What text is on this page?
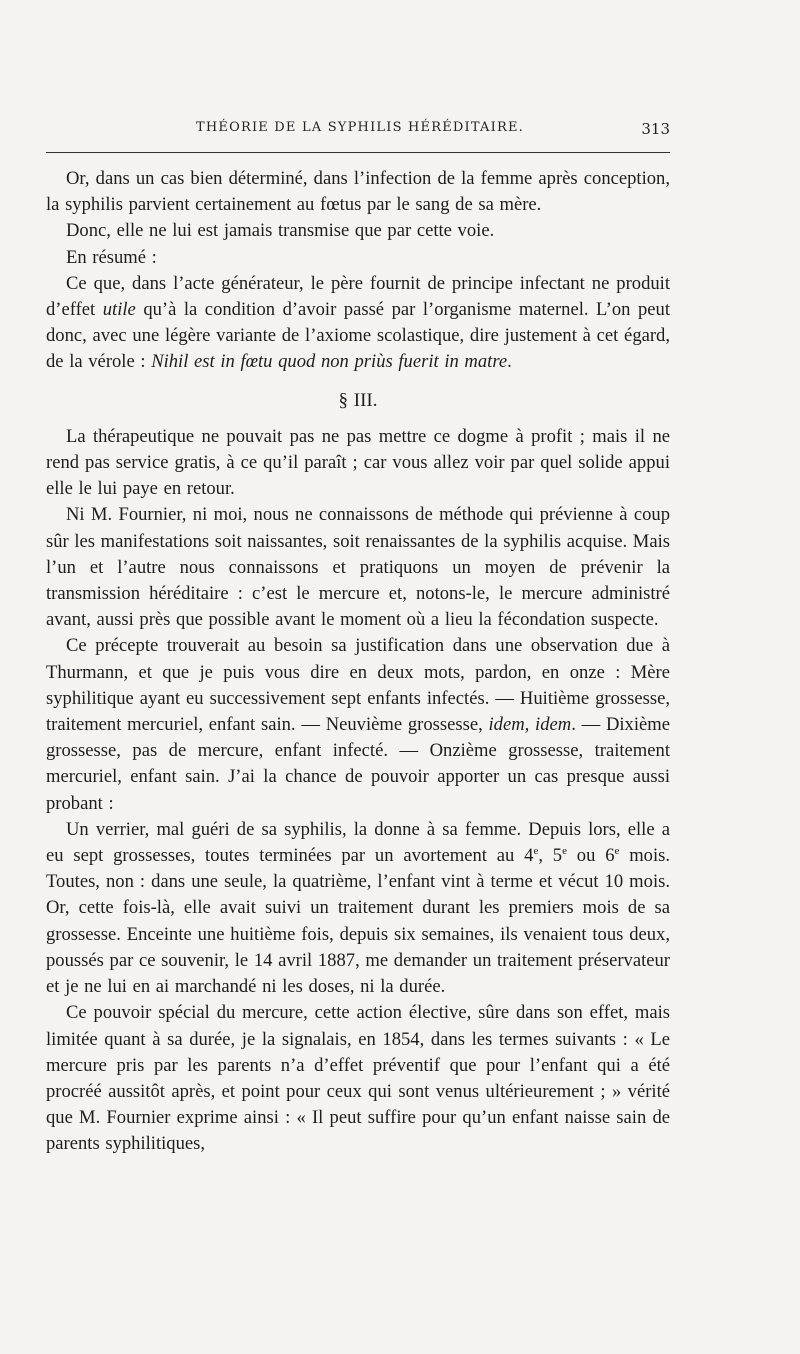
THÉORIE DE LA SYPHILIS HÉRÉDITAIRE.	313

Or, dans un cas bien déterminé, dans l’infection de la femme après conception, la syphilis parvient certainement au fœtus par le sang de sa mère.

Donc, elle ne lui est jamais transmise que par cette voie.

En résumé :

Ce que, dans l’acte générateur, le père fournit de principe infectant ne produit d’effet utile qu’à la condition d’avoir passé par l’organisme maternel. L’on peut donc, avec une légère variante de l’axiome scolastique, dire justement à cet égard, de la vérole : Nihil est in fœtu quod non priùs fuerit in matre.

§ III.

La thérapeutique ne pouvait pas ne pas mettre ce dogme à profit ; mais il ne rend pas service gratis, à ce qu’il paraît ; car vous allez voir par quel solide appui elle le lui paye en retour.

Ni M. Fournier, ni moi, nous ne connaissons de méthode qui prévienne à coup sûr les manifestations soit naissantes, soit renaissantes de la syphilis acquise. Mais l’un et l’autre nous connaissons et pratiquons un moyen de prévenir la transmission héréditaire : c’est le mercure et, notons-le, le mercure administré avant, aussi près que possible avant le moment où a lieu la fécondation suspecte.

Ce précepte trouverait au besoin sa justification dans une observation due à Thurmann, et que je puis vous dire en deux mots, pardon, en onze : Mère syphilitique ayant eu successivement sept enfants infectés. — Huitième grossesse, traitement mercuriel, enfant sain. — Neuvième grossesse, idem, idem. — Dixième grossesse, pas de mercure, enfant infecté. — Onzième grossesse, traitement mercuriel, enfant sain. J’ai la chance de pouvoir apporter un cas presque aussi probant :

Un verrier, mal guéri de sa syphilis, la donne à sa femme. Depuis lors, elle a eu sept grossesses, toutes terminées par un avortement au 4e, 5e ou 6e mois. Toutes, non : dans une seule, la quatrième, l’enfant vint à terme et vécut 10 mois. Or, cette fois-là, elle avait suivi un traitement durant les premiers mois de sa grossesse. Enceinte une huitième fois, depuis six semaines, ils venaient tous deux, poussés par ce souvenir, le 14 avril 1887, me demander un traitement préservateur et je ne lui en ai marchandé ni les doses, ni la durée.

Ce pouvoir spécial du mercure, cette action élective, sûre dans son effet, mais limitée quant à sa durée, je la signalais, en 1854, dans les termes suivants : « Le mercure pris par les parents n’a d’effet préventif que pour l’enfant qui a été procréé aussitôt après, et point pour ceux qui sont venus ultérieurement ; » vérité que M. Fournier exprime ainsi : « Il peut suffire pour qu’un enfant naisse sain de parents syphilitiques,
